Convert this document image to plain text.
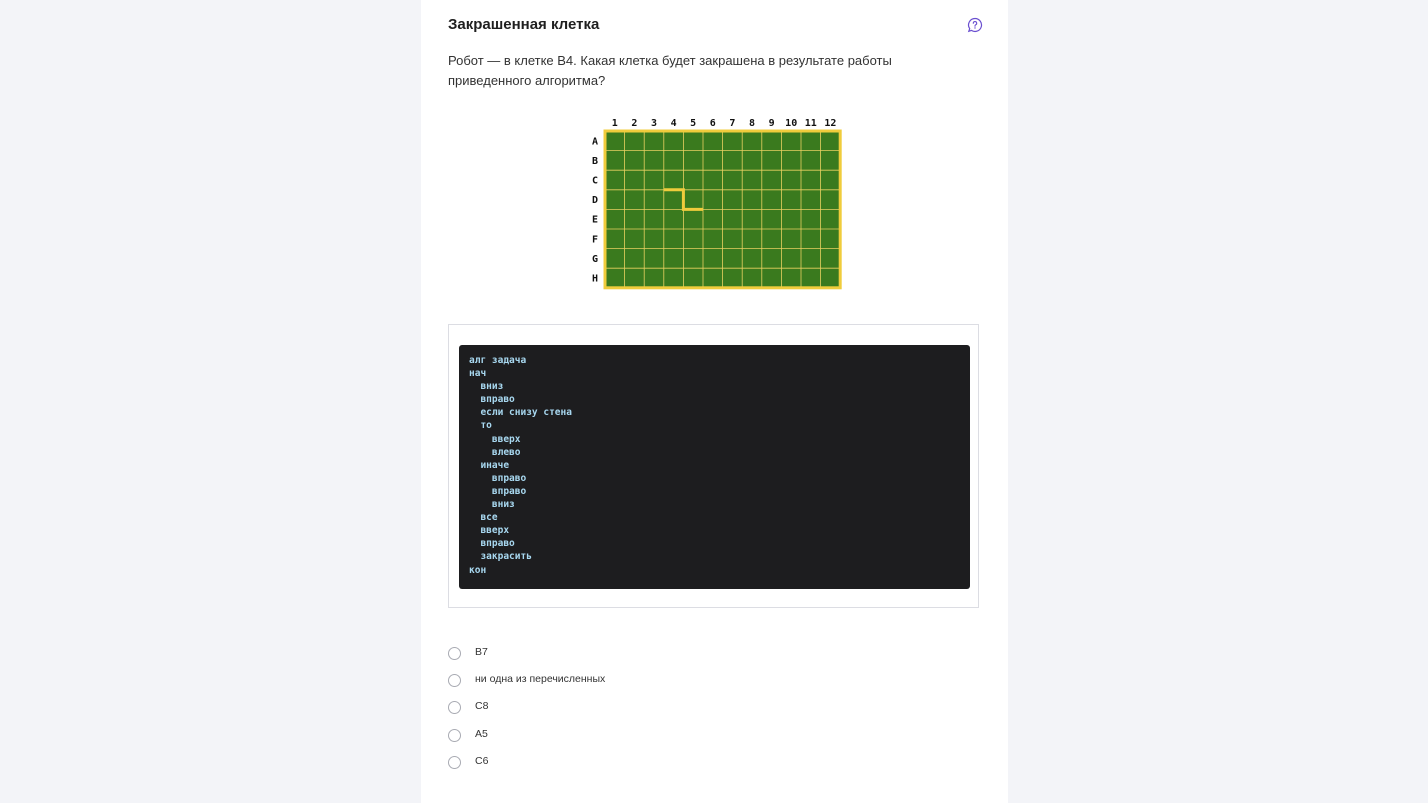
Закрашенная клетка
Робот — в клетке B4. Какая клетка будет закрашена в результате работы приведенного алгоритма?
1 2 3 4 5 6 7 8 9 10 11 12
A
B
C
D
E
F
G
H
алг задача
нач
вниз
вправо
если снизу стена
то
вверх
влево
иначе
вправо
вправо
вниз
все
вверх
вправо
закрасить
кон
B7
ни одна из перечисленных
C8
A5
C6
